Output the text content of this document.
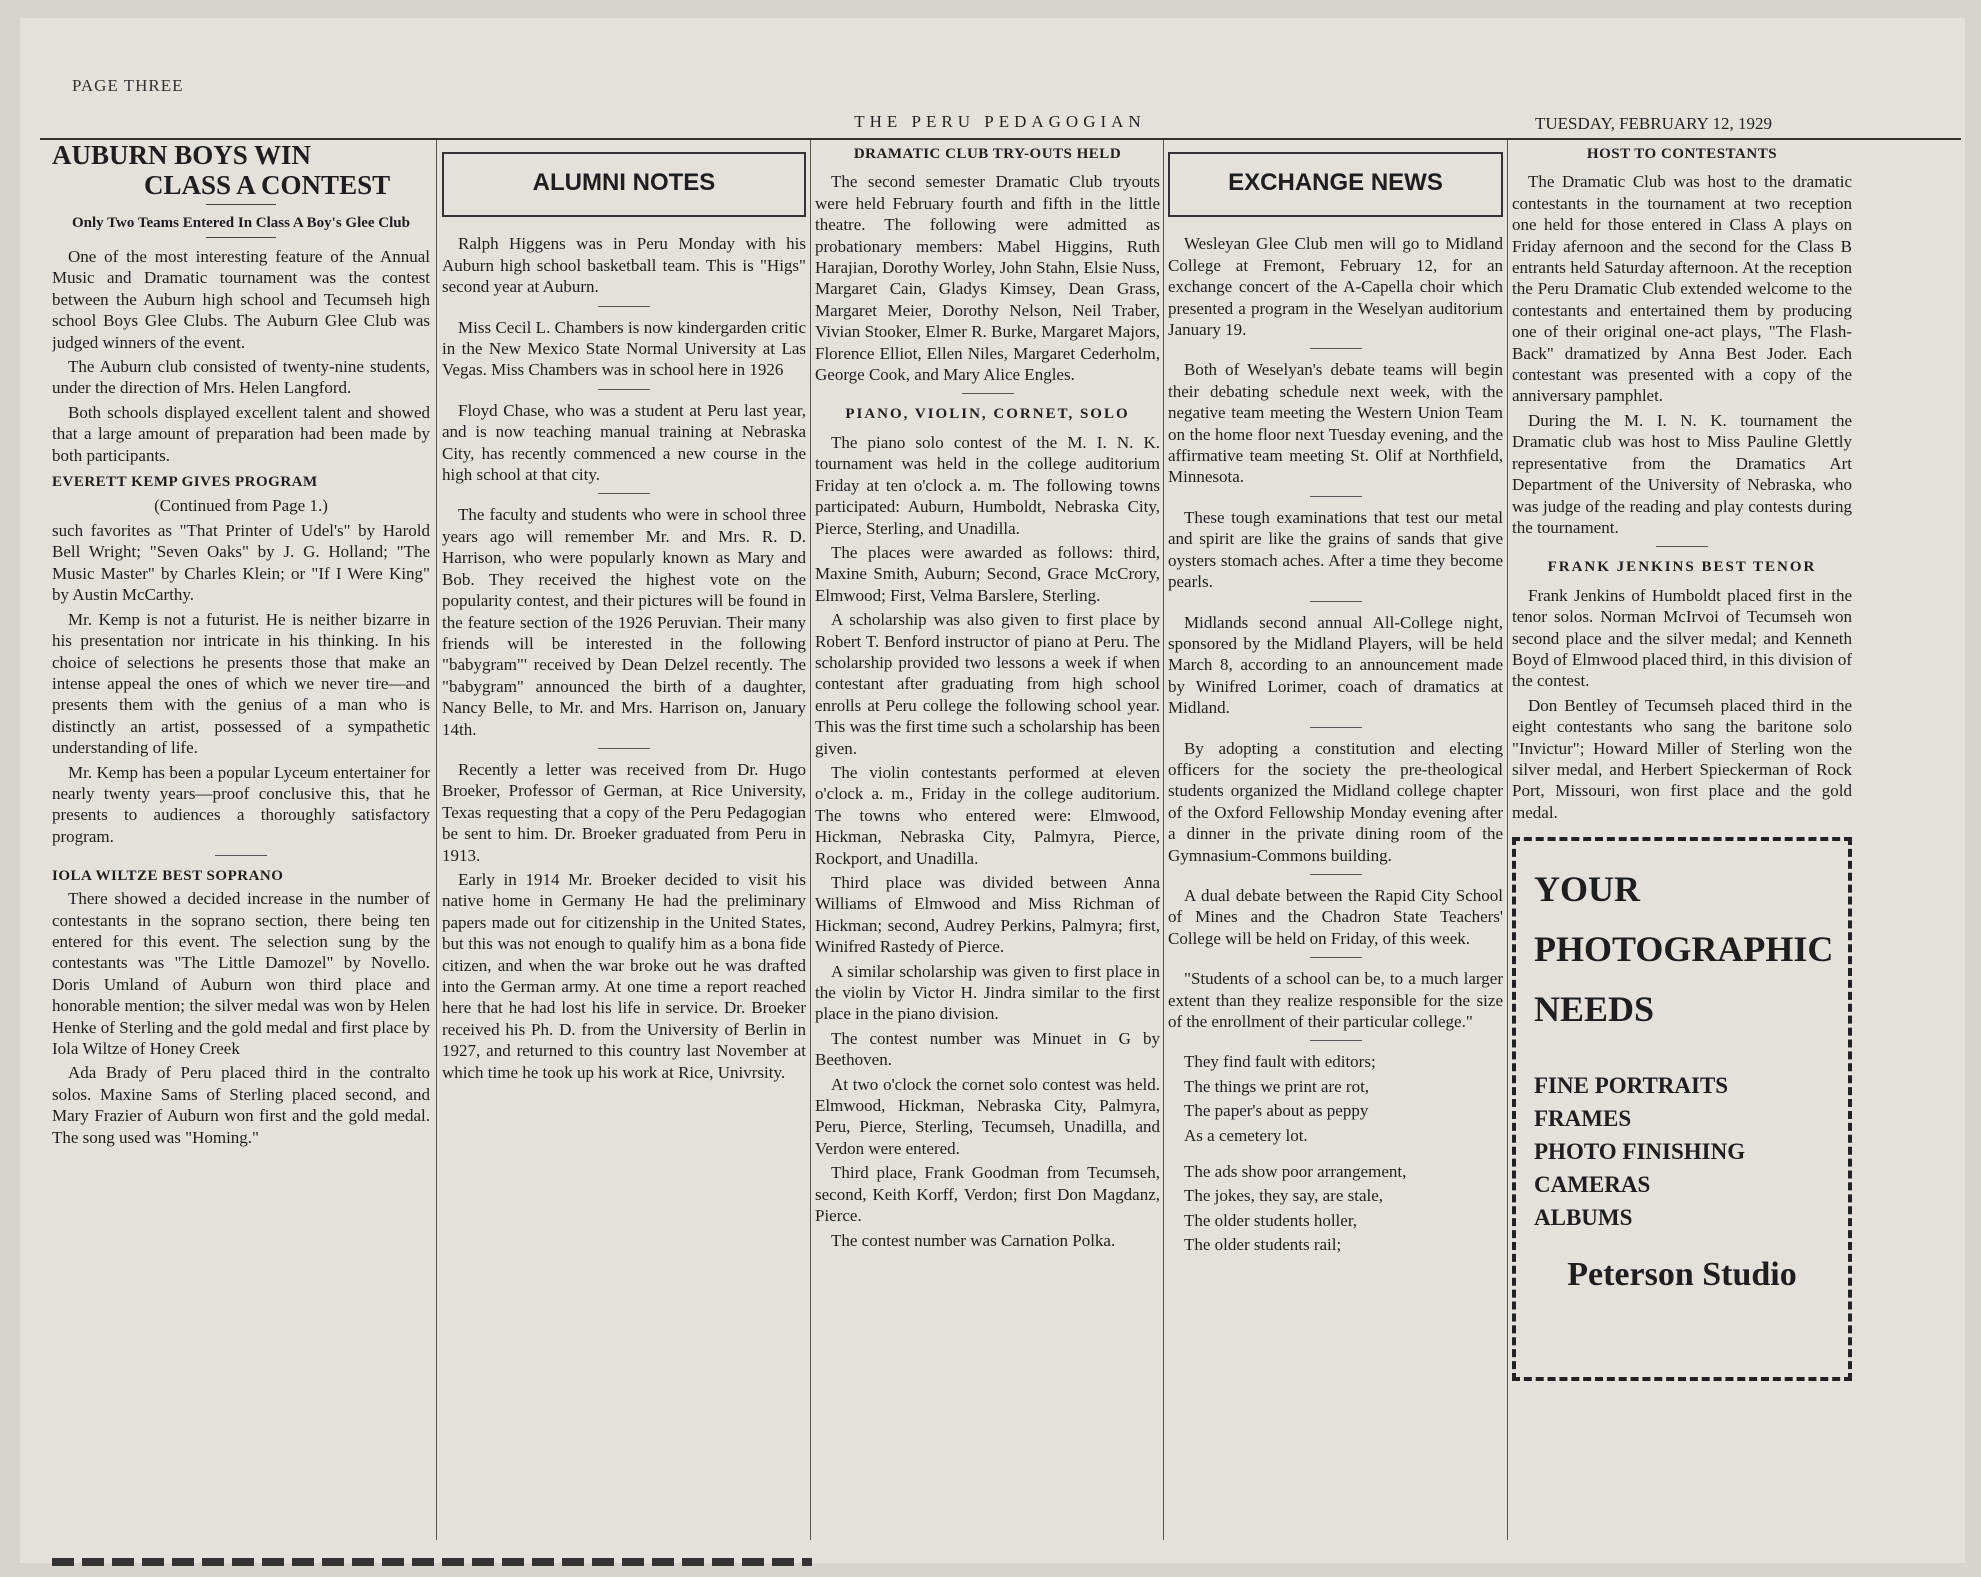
PAGE THREE
THE PERU PEDAGOGIAN	TUESDAY, FEBRUARY 12, 1929
AUBURN BOYS WIN
CLASS A CONTEST
Only Two Teams Entered In Class A Boy's Glee Club

One of the most interesting feature of the Annual Music and Dramatic tournament was the contest between the Auburn high school and Tecumseh high school Boys Glee Clubs. The Auburn Glee Club was judged winners of the event.

The Auburn club consisted of twenty-nine students, under the direction of Mrs. Helen Langford.

Both schools displayed excellent talent and showed that a large amount of preparation had been made by both participants.

EVERETT KEMP GIVES PROGRAM
(Continued from Page 1.)

such favorites as "That Printer of Udel's" by Harold Bell Wright; "Seven Oaks" by J. G. Holland; "The Music Master" by Charles Klein; or "If I Were King" by Austin McCarthy.

Mr. Kemp is not a futurist. He is neither bizarre in his presentation nor intricate in his thinking. In his choice of selections he presents those that make an intense appeal the ones of which we never tire—and presents them with the genius of a man who is distinctly an artist, possessed of a sympathetic understanding of life.

Mr. Kemp has been a popular Lyceum entertainer for nearly twenty years—proof conclusive this, that he presents to audiences a thoroughly satisfactory program.

IOLA WILTZE BEST SOPRANO

There showed a decided increase in the number of contestants in the soprano section, there being ten entered for this event. The selection sung by the contestants was "The Little Damozel" by Novello. Doris Umland of Auburn won third place and honorable mention; the silver medal was won by Helen Henke of Sterling and the gold medal and first place by Iola Wiltze of Honey Creek

Ada Brady of Peru placed third in the contralto solos. Maxine Sams of Sterling placed second, and Mary Frazier of Auburn won first and the gold medal. The song used was "Homing."

ALUMNI NOTES

Ralph Higgens was in Peru Monday with his Auburn high school basketball team. This is "Higs" second year at Auburn.

Miss Cecil L. Chambers is now kindergarden critic in the New Mexico State Normal University at Las Vegas. Miss Chambers was in school here in 1926

Floyd Chase, who was a student at Peru last year, and is now teaching manual training at Nebraska City, has recently commenced a new course in the high school at that city.

The faculty and students who were in school three years ago will remember Mr. and Mrs. R. D. Harrison, who were popularly known as Mary and Bob. They received the highest vote on the popularity contest, and their pictures will be found in the feature section of the 1926 Peruvian. Their many friends will be interested in the following "babygram"' received by Dean Delzel recently. The "babygram" announced the birth of a daughter, Nancy Belle, to Mr. and Mrs. Harrison on, January 14th.

Recently a letter was received from Dr. Hugo Broeker, Professor of German, at Rice University, Texas requesting that a copy of the Peru Pedagogian be sent to him. Dr. Broeker graduated from Peru in 1913.

Early in 1914 Mr. Broeker decided to visit his native home in Germany He had the preliminary papers made out for citizenship in the United States, but this was not enough to qualify him as a bona fide citizen, and when the war broke out he was drafted into the German army. At one time a report reached here that he had lost his life in service. Dr. Broeker received his Ph. D. from the University of Berlin in 1927, and returned to this country last November at which time he took up his work at Rice, Univrsity.

DRAMATIC CLUB TRY-OUTS HELD

The second semester Dramatic Club tryouts were held February fourth and fifth in the little theatre. The following were admitted as probationary members: Mabel Higgins, Ruth Harajian, Dorothy Worley, John Stahn, Elsie Nuss, Margaret Cain, Gladys Kimsey, Dean Grass, Margaret Meier, Dorothy Nelson, Neil Traber, Vivian Stooker, Elmer R. Burke, Margaret Majors, Florence Elliot, Ellen Niles, Margaret Cederholm, George Cook, and Mary Alice Engles.

PIANO, VIOLIN, CORNET, SOLO

The piano solo contest of the M. I. N. K. tournament was held in the college auditorium Friday at ten o'clock a. m. The following towns participated: Auburn, Humboldt, Nebraska City, Pierce, Sterling, and Unadilla.

The places were awarded as follows: third, Maxine Smith, Auburn; Second, Grace McCrory, Elmwood; First, Velma Barslere, Sterling.

A scholarship was also given to first place by Robert T. Benford instructor of piano at Peru. The scholarship provided two lessons a week if when contestant after graduating from high school enrolls at Peru college the following school year. This was the first time such a scholarship has been given.

The violin contestants performed at eleven o'clock a. m., Friday in the college auditorium. The towns who entered were: Elmwood, Hickman, Nebraska City, Palmyra, Pierce, Rockport, and Unadilla.

Third place was divided between Anna Williams of Elmwood and Miss Richman of Hickman; second, Audrey Perkins, Palmyra; first, Winifred Rastedy of Pierce.

A similar scholarship was given to first place in the violin by Victor H. Jindra similar to the first place in the piano division.

The contest number was Minuet in G by Beethoven.

At two o'clock the cornet solo contest was held. Elmwood, Hickman, Nebraska City, Palmyra, Peru, Pierce, Sterling, Tecumseh, Unadilla, and Verdon were entered.

Third place, Frank Goodman from Tecumseh, second, Keith Korff, Verdon; first Don Magdanz, Pierce.

The contest number was Carnation Polka.

EXCHANGE NEWS

Wesleyan Glee Club men will go to Midland College at Fremont, February 12, for an exchange concert of the A-Capella choir which presented a program in the Weselyan auditorium January 19.

Both of Weselyan's debate teams will begin their debating schedule next week, with the negative team meeting the Western Union Team on the home floor next Tuesday evening, and the affirmative team meeting St. Olif at Northfield, Minnesota.

These tough examinations that test our metal and spirit are like the grains of sands that give oysters stomach aches. After a time they become pearls.

Midlands second annual All-College night, sponsored by the Midland Players, will be held March 8, according to an announcement made by Winifred Lorimer, coach of dramatics at Midland.

By adopting a constitution and electing officers for the society the pre-theological students organized the Midland college chapter of the Oxford Fellowship Monday evening after a dinner in the private dining room of the Gymnasium-Commons building.

A dual debate between the Rapid City School of Mines and the Chadron State Teachers' College will be held on Friday, of this week.

"Students of a school can be, to a much larger extent than they realize responsible for the size of the enrollment of their particular college."

They find fault with editors;

The things we print are rot,

The paper's about as peppy

As a cemetery lot.

The ads show poor arrangement,

The jokes, they say, are stale,

The older students holler,

The older students rail;

HOST TO CONTESTANTS

The Dramatic Club was host to the dramatic contestants in the tournament at two reception one held for those entered in Class A plays on Friday afernoon and the second for the Class B entrants held Saturday afternoon. At the reception the Peru Dramatic Club extended welcome to the contestants and entertained them by producing one of their original one-act plays, "The Flash-Back" dramatized by Anna Best Joder. Each contestant was presented with a copy of the anniversary pamphlet.

During the M. I. N. K. tournament the Dramatic club was host to Miss Pauline Glettly representative from the Dramatics Art Department of the University of Nebraska, who was judge of the reading and play contests during the tournament.

FRANK JENKINS BEST TENOR

Frank Jenkins of Humboldt placed first in the tenor solos. Norman McIrvoi of Tecumseh won second place and the silver medal; and Kenneth Boyd of Elmwood placed third, in this division of the contest.

Don Bentley of Tecumseh placed third in the eight contestants who sang the baritone solo "Invictur"; Howard Miller of Sterling won the silver medal, and Herbert Spieckerman of Rock Port, Missouri, won first place and the gold medal.

YOUR
PHOTOGRAPHIC
NEEDS
FINE PORTRAITS
FRAMES
PHOTO FINISHING
CAMERAS
ALBUMS
Peterson Studio
